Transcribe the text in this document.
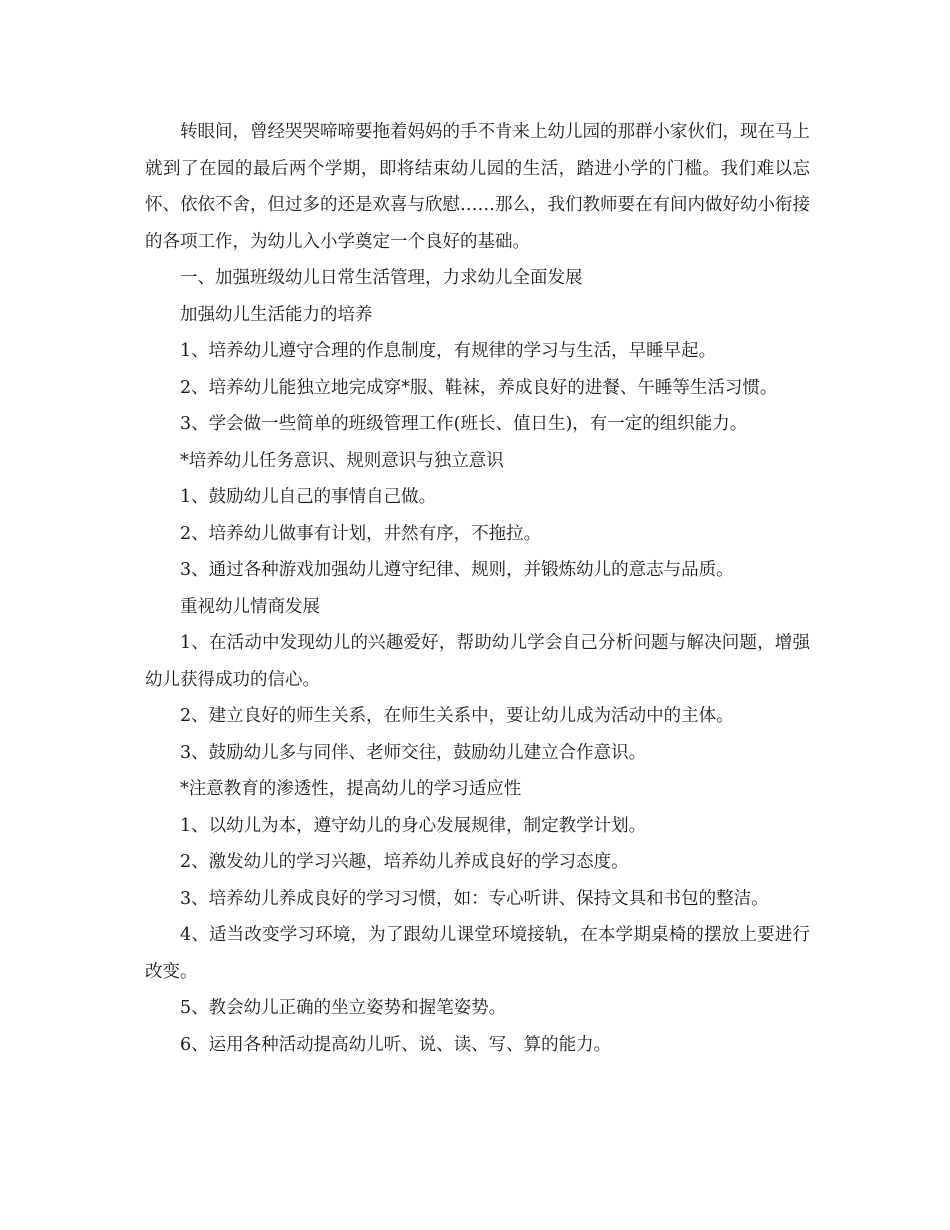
转眼间，曾经哭哭啼啼要拖着妈妈的手不肯来上幼儿园的那群小家伙们，现在马上就到了在园的最后两个学期，即将结束幼儿园的生活，踏进小学的门槛。我们难以忘怀、依依不舍，但过多的还是欢喜与欣慰……那么，我们教师要在有间内做好幼小衔接的各项工作，为幼儿入小学奠定一个良好的基础。

一、加强班级幼儿日常生活管理，力求幼儿全面发展

加强幼儿生活能力的培养

1、培养幼儿遵守合理的作息制度，有规律的学习与生活，早睡早起。

2、培养幼儿能独立地完成穿*服、鞋袜，养成良好的进餐、午睡等生活习惯。

3、学会做一些简单的班级管理工作(班长、值日生)，有一定的组织能力。

*培养幼儿任务意识、规则意识与独立意识

1、鼓励幼儿自己的事情自己做。

2、培养幼儿做事有计划，井然有序，不拖拉。

3、通过各种游戏加强幼儿遵守纪律、规则，并锻炼幼儿的意志与品质。

重视幼儿情商发展

1、在活动中发现幼儿的兴趣爱好，帮助幼儿学会自己分析问题与解决问题，增强幼儿获得成功的信心。

2、建立良好的师生关系，在师生关系中，要让幼儿成为活动中的主体。

3、鼓励幼儿多与同伴、老师交往，鼓励幼儿建立合作意识。

*注意教育的渗透性，提高幼儿的学习适应性

1、以幼儿为本，遵守幼儿的身心发展规律，制定教学计划。

2、激发幼儿的学习兴趣，培养幼儿养成良好的学习态度。

3、培养幼儿养成良好的学习习惯，如：专心听讲、保持文具和书包的整洁。

4、适当改变学习环境，为了跟幼儿课堂环境接轨，在本学期桌椅的摆放上要进行改变。

5、教会幼儿正确的坐立姿势和握笔姿势。

6、运用各种活动提高幼儿听、说、读、写、算的能力。
